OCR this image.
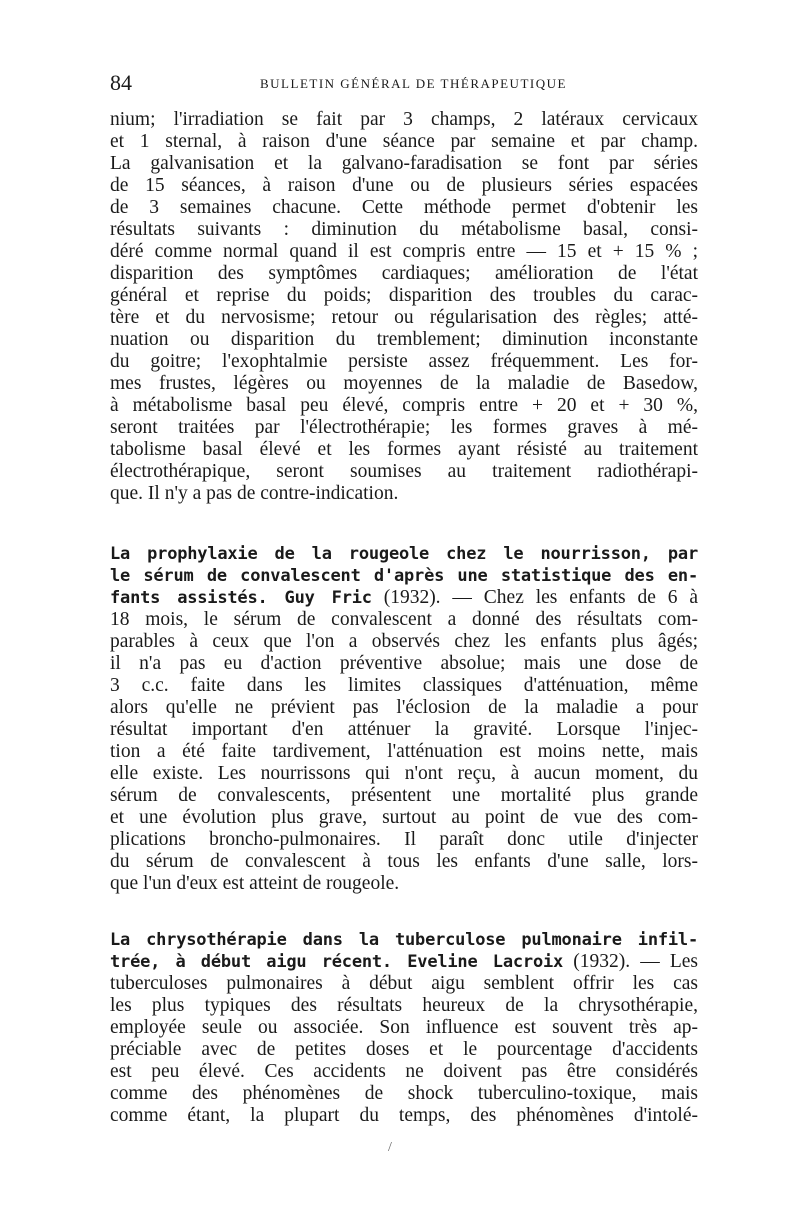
84	BULLETIN GÉNÉRAL DE THÉRAPEUTIQUE
nium; l'irradiation se fait par 3 champs, 2 latéraux cervicaux
et 1 sternal, à raison d'une séance par semaine et par champ.
La galvanisation et la galvano-faradisation se font par séries
de 15 séances, à raison d'une ou de plusieurs séries espacées
de 3 semaines chacune. Cette méthode permet d'obtenir les
résultats suivants : diminution du métabolisme basal, consi-
déré comme normal quand il est compris entre — 15 et + 15 % ;
disparition des symptômes cardiaques; amélioration de l'état
général et reprise du poids; disparition des troubles du carac-
tère et du nervosisme; retour ou régularisation des règles; atté-
nuation ou disparition du tremblement; diminution inconstante
du goitre; l'exophtalmie persiste assez fréquemment. Les for-
mes frustes, légères ou moyennes de la maladie de Basedow,
à métabolisme basal peu élevé, compris entre + 20 et + 30 %,
seront traitées par l'électrothérapie; les formes graves à mé-
tabolisme basal élevé et les formes ayant résisté au traitement
électrothérapique, seront soumises au traitement radiothérapi-
que. Il n'y a pas de contre-indication.
La prophylaxie de la rougeole chez le nourrisson, par
le sérum de convalescent d'après une statistique des en-
fants assistés. Guy Fric (1932). — Chez les enfants de 6 à
18 mois, le sérum de convalescent a donné des résultats com-
parables à ceux que l'on a observés chez les enfants plus âgés;
il n'a pas eu d'action préventive absolue; mais une dose de
3 c.c. faite dans les limites classiques d'atténuation, même
alors qu'elle ne prévient pas l'éclosion de la maladie a pour
résultat important d'en atténuer la gravité. Lorsque l'injec-
tion a été faite tardivement, l'atténuation est moins nette, mais
elle existe. Les nourrissons qui n'ont reçu, à aucun moment, du
sérum de convalescents, présentent une mortalité plus grande
et une évolution plus grave, surtout au point de vue des com-
plications broncho-pulmonaires. Il paraît donc utile d'injecter
du sérum de convalescent à tous les enfants d'une salle, lors-
que l'un d'eux est atteint de rougeole.
La chrysothérapie dans la tuberculose pulmonaire infil-
trée, à début aigu récent. Eveline Lacroix (1932). — Les
tuberculoses pulmonaires à début aigu semblent offrir les cas
les plus typiques des résultats heureux de la chrysothérapie,
employée seule ou associée. Son influence est souvent très ap-
préciable avec de petites doses et le pourcentage d'accidents
est peu élevé. Ces accidents ne doivent pas être considérés
comme des phénomènes de shock tuberculino-toxique, mais
comme étant, la plupart du temps, des phénomènes d'intolé-
/
